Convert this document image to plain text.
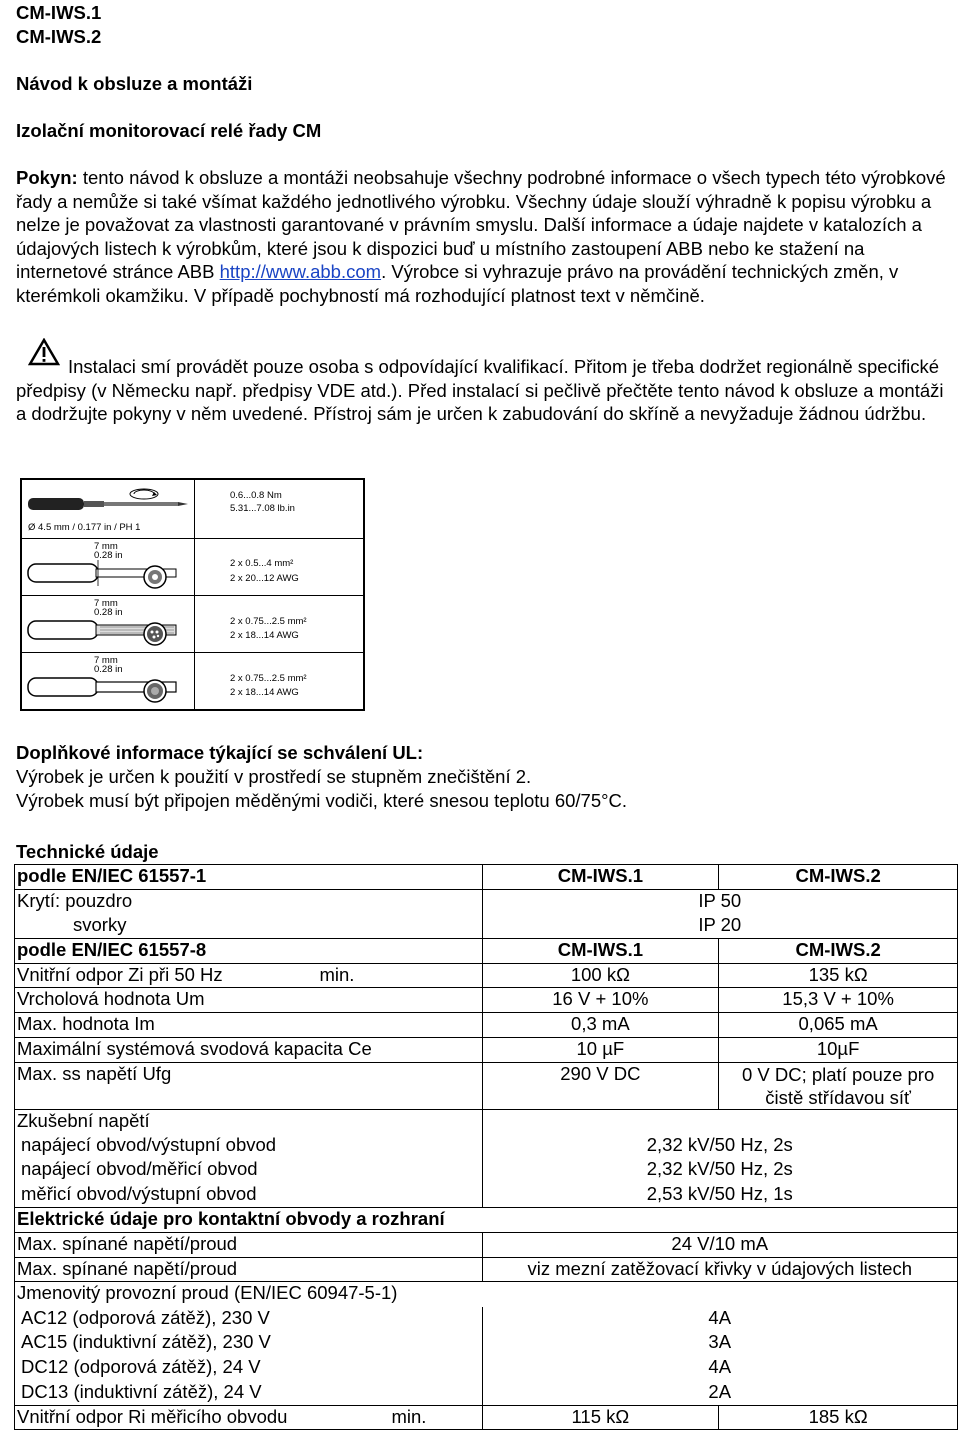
CM-IWS.1
CM-IWS.2
Návod k obsluze a montáži
Izolační monitorovací relé řady CM

Pokyn: tento návod k obsluze a montáži neobsahuje všechny podrobné informace o všech typech této výrobkové řady a nemůže si také všímat každého jednotlivého výrobku. Všechny údaje slouží výhradně k popisu výrobku a nelze je považovat za vlastnosti garantované v právním smyslu. Další informace a údaje najdete v katalozích a údajových listech k výrobkům, které jsou k dispozici buď u místního zastoupení ABB nebo ke stažení na internetové stránce ABB http://www.abb.com. Výrobce si vyhrazuje právo na provádění technických změn, v kterémkoli okamžiku. V případě pochybností má rozhodující platnost text v němčině.

Instalaci smí provádět pouze osoba s odpovídající kvalifikací. Přitom je třeba dodržet regionálně specifické předpisy (v Německu např. předpisy VDE atd.). Před instalací si pečlivě přečtěte tento návod k obsluze a montáži a dodržujte pokyny v něm uvedené. Přístroj sám je určen k zabudování do skříně a nevyžaduje žádnou údržbu.

Ø 4.5 mm / 0.177 in / PH 1
0.6...0.8 Nm
5.31...7.08 lb.in
7 mm
0.28 in
2 x 0.5...4 mm²
2 x 20...12 AWG
7 mm
0.28 in
2 x 0.75...2.5 mm²
2 x 18...14 AWG
7 mm
0.28 in
2 x 0.75...2.5 mm²
2 x 18...14 AWG
Doplňkové informace týkající se schválení UL:
Výrobek je určen k použití v prostředí se stupněm znečištění 2.
Výrobek musí být připojen měděnými vodiči, které snesou teplotu 60/75°C.
Technické údaje
podle EN/IEC 61557-1	CM-IWS.1	CM-IWS.2
Krytí: pouzdro	IP 50	
svorky	IP 20	
podle EN/IEC 61557-8	CM-IWS.1	CM-IWS.2
Vnitřní odpor Zi při 50 Hz min.	100 kΩ	135 kΩ
Vrcholová hodnota Um	16 V + 10%	15,3 V + 10%
Max. hodnota Im	0,3 mA	0,065 mA
Maximální systémová svodová kapacita Ce	10 µF	10µF
Max. ss napětí Ufg	290 V DC	0 V DC; platí pouze pro čistě střídavou síť
Zkušební napětí		
napájecí obvod/výstupní obvod	2,32 kV/50 Hz, 2s	
napájecí obvod/měřicí obvod	2,32 kV/50 Hz, 2s	
měřicí obvod/výstupní obvod	2,53 kV/50 Hz, 1s	
Elektrické údaje pro kontaktní obvody a rozhraní		
Max. spínané napětí/proud	24 V/10 mA	
Max. spínané napětí/proud	viz mezní zatěžovací křivky v údajových listech	
Jmenovitý provozní proud (EN/IEC 60947-5-1)		
AC12 (odporová zátěž), 230 V	4A	
AC15 (induktivní zátěž), 230 V	3A	
DC12 (odporová zátěž), 24 V	4A	
DC13 (induktivní zátěž), 24 V	2A	
Vnitřní odpor Ri měřicího obvodu min.	115 kΩ	185 kΩ
